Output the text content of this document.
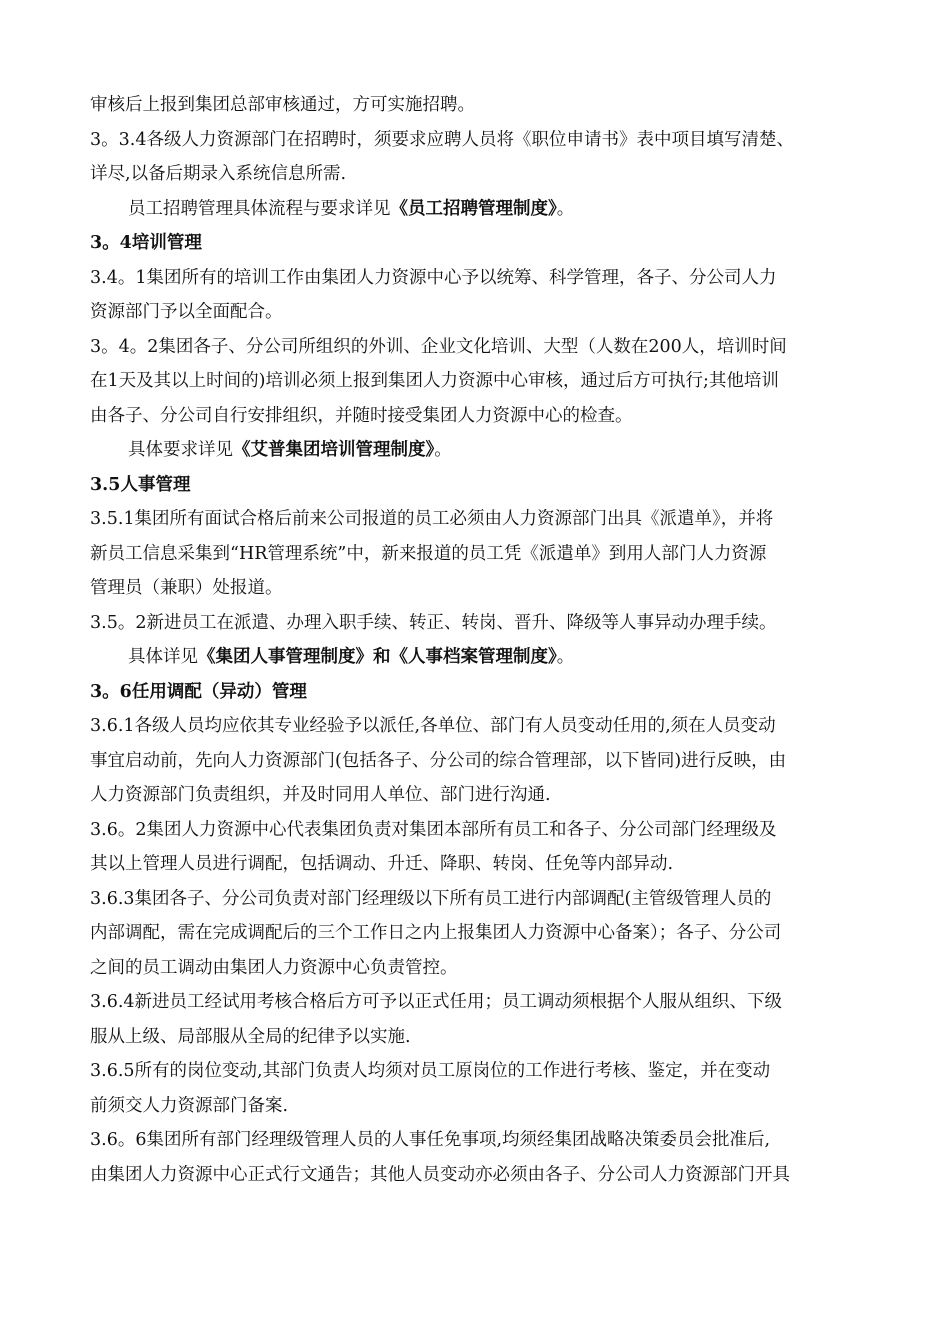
审核后上报到集团总部审核通过，方可实施招聘。
3。3.4各级人力资源部门在招聘时，须要求应聘人员将《职位申请书》表中项目填写清楚、
详尽,以备后期录入系统信息所需.
员工招聘管理具体流程与要求详见《员工招聘管理制度》。
3。4培训管理
3.4。1集团所有的培训工作由集团人力资源中心予以统筹、科学管理，各子、分公司人力
资源部门予以全面配合。
3。4。2集团各子、分公司所组织的外训、企业文化培训、大型（人数在200人，培训时间
在1天及其以上时间的)培训必须上报到集团人力资源中心审核，通过后方可执行;其他培训
由各子、分公司自行安排组织，并随时接受集团人力资源中心的检查。
具体要求详见《艾普集团培训管理制度》。
3.5人事管理
3.5.1集团所有面试合格后前来公司报道的员工必须由人力资源部门出具《派遣单》，并将
新员工信息采集到“HR管理系统”中，新来报道的员工凭《派遣单》到用人部门人力资源
管理员（兼职）处报道。
3.5。2新进员工在派遣、办理入职手续、转正、转岗、晋升、降级等人事异动办理手续。
具体详见《集团人事管理制度》和《人事档案管理制度》。
3。6任用调配（异动）管理
3.6.1各级人员均应依其专业经验予以派任,各单位、部门有人员变动任用的,须在人员变动
事宜启动前，先向人力资源部门(包括各子、分公司的综合管理部，以下皆同)进行反映，由
人力资源部门负责组织，并及时同用人单位、部门进行沟通.
3.6。2集团人力资源中心代表集团负责对集团本部所有员工和各子、分公司部门经理级及
其以上管理人员进行调配，包括调动、升迁、降职、转岗、任免等内部异动.
3.6.3集团各子、分公司负责对部门经理级以下所有员工进行内部调配(主管级管理人员的
内部调配，需在完成调配后的三个工作日之内上报集团人力资源中心备案）；各子、分公司
之间的员工调动由集团人力资源中心负责管控。
3.6.4新进员工经试用考核合格后方可予以正式任用；员工调动须根据个人服从组织、下级
服从上级、局部服从全局的纪律予以实施.
3.6.5所有的岗位变动,其部门负责人均须对员工原岗位的工作进行考核、鉴定，并在变动
前须交人力资源部门备案.
3.6。6集团所有部门经理级管理人员的人事任免事项,均须经集团战略决策委员会批准后,
由集团人力资源中心正式行文通告；其他人员变动亦必须由各子、分公司人力资源部门开具
